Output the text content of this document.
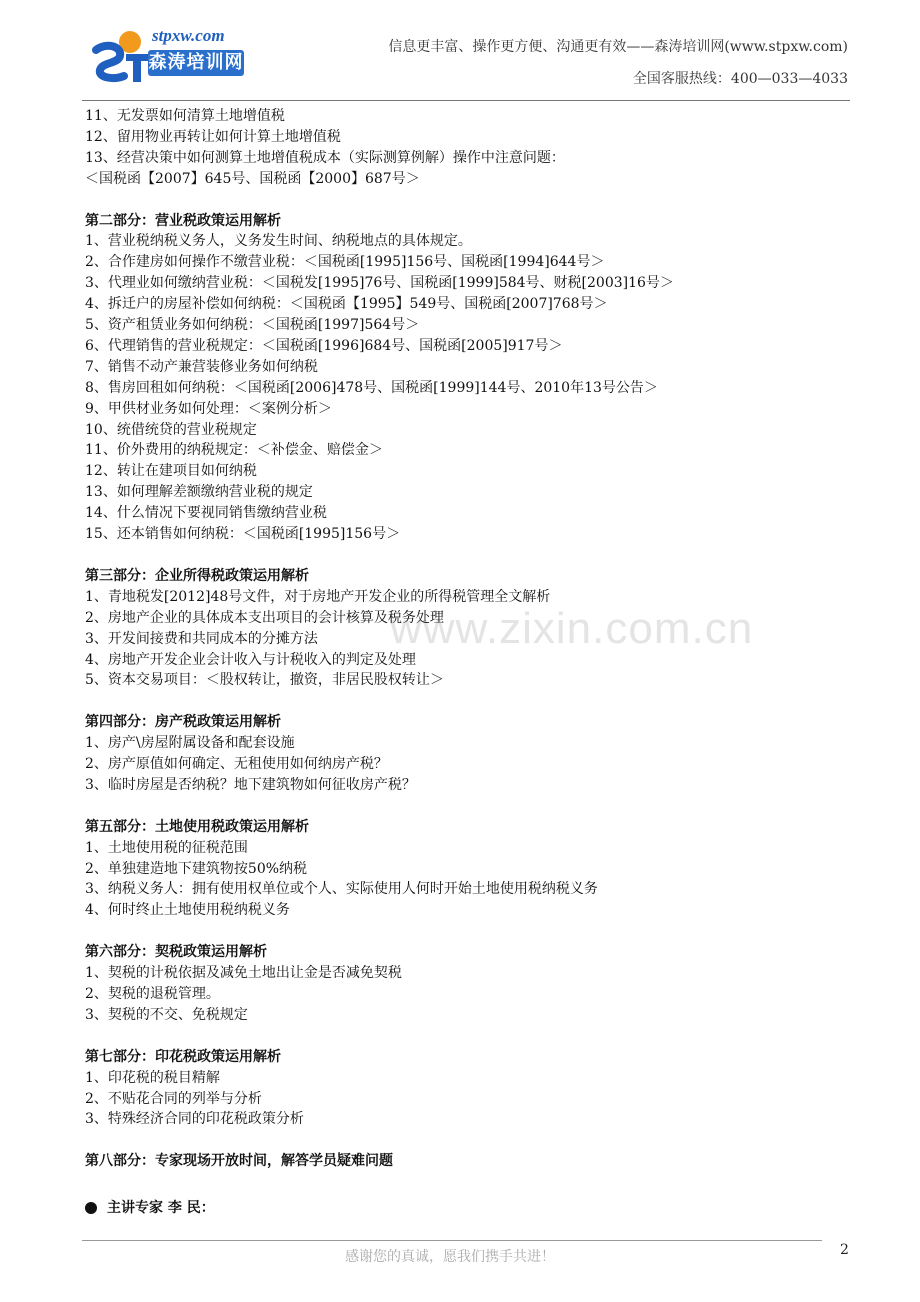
stpxw.com
森涛培训网
信息更丰富、操作更方便、沟通更有效——森涛培训网(www.stpxw.com)
全国客服热线：400—033—4033
www.zixin.com.cn
11、无发票如何清算土地增值税
12、留用物业再转让如何计算土地增值税
13、经营决策中如何测算土地增值税成本（实际测算例解）操作中注意问题：
＜国税函【2007】645号、国税函【2000】687号＞
第二部分：营业税政策运用解析
1、营业税纳税义务人，义务发生时间、纳税地点的具体规定。
2、合作建房如何操作不缴营业税：＜国税函[1995]156号、国税函[1994]644号＞
3、代理业如何缴纳营业税：＜国税发[1995]76号、国税函[1999]584号、财税[2003]16号＞
4、拆迁户的房屋补偿如何纳税：＜国税函【1995】549号、国税函[2007]768号＞
5、资产租赁业务如何纳税：＜国税函[1997]564号＞
6、代理销售的营业税规定：＜国税函[1996]684号、国税函[2005]917号＞
7、销售不动产兼营装修业务如何纳税
8、售房回租如何纳税：＜国税函[2006]478号、国税函[1999]144号、2010年13号公告＞
9、甲供材业务如何处理：＜案例分析＞
10、统借统贷的营业税规定
11、价外费用的纳税规定：＜补偿金、赔偿金＞
12、转让在建项目如何纳税
13、如何理解差额缴纳营业税的规定
14、什么情况下要视同销售缴纳营业税
15、还本销售如何纳税：＜国税函[1995]156号＞
第三部分：企业所得税政策运用解析
1、青地税发[2012]48号文件，对于房地产开发企业的所得税管理全文解析
2、房地产企业的具体成本支出项目的会计核算及税务处理
3、开发间接费和共同成本的分摊方法
4、房地产开发企业会计收入与计税收入的判定及处理
5、资本交易项目：＜股权转让，撤资，非居民股权转让＞
第四部分：房产税政策运用解析
1、房产\房屋附属设备和配套设施
2、房产原值如何确定、无租使用如何纳房产税？
3、临时房屋是否纳税？地下建筑物如何征收房产税？
第五部分：土地使用税政策运用解析
1、土地使用税的征税范围
2、单独建造地下建筑物按50%纳税
3、纳税义务人：拥有使用权单位或个人、实际使用人何时开始土地使用税纳税义务
4、何时终止土地使用税纳税义务
第六部分：契税政策运用解析
1、契税的计税依据及减免土地出让金是否减免契税
2、契税的退税管理。
3、契税的不交、免税规定
第七部分：印花税政策运用解析
1、印花税的税目精解
2、不贴花合同的列举与分析
3、特殊经济合同的印花税政策分析
第八部分：专家现场开放时间，解答学员疑难问题
主讲专家 李 民：
感谢您的真诚，愿我们携手共进！	2
